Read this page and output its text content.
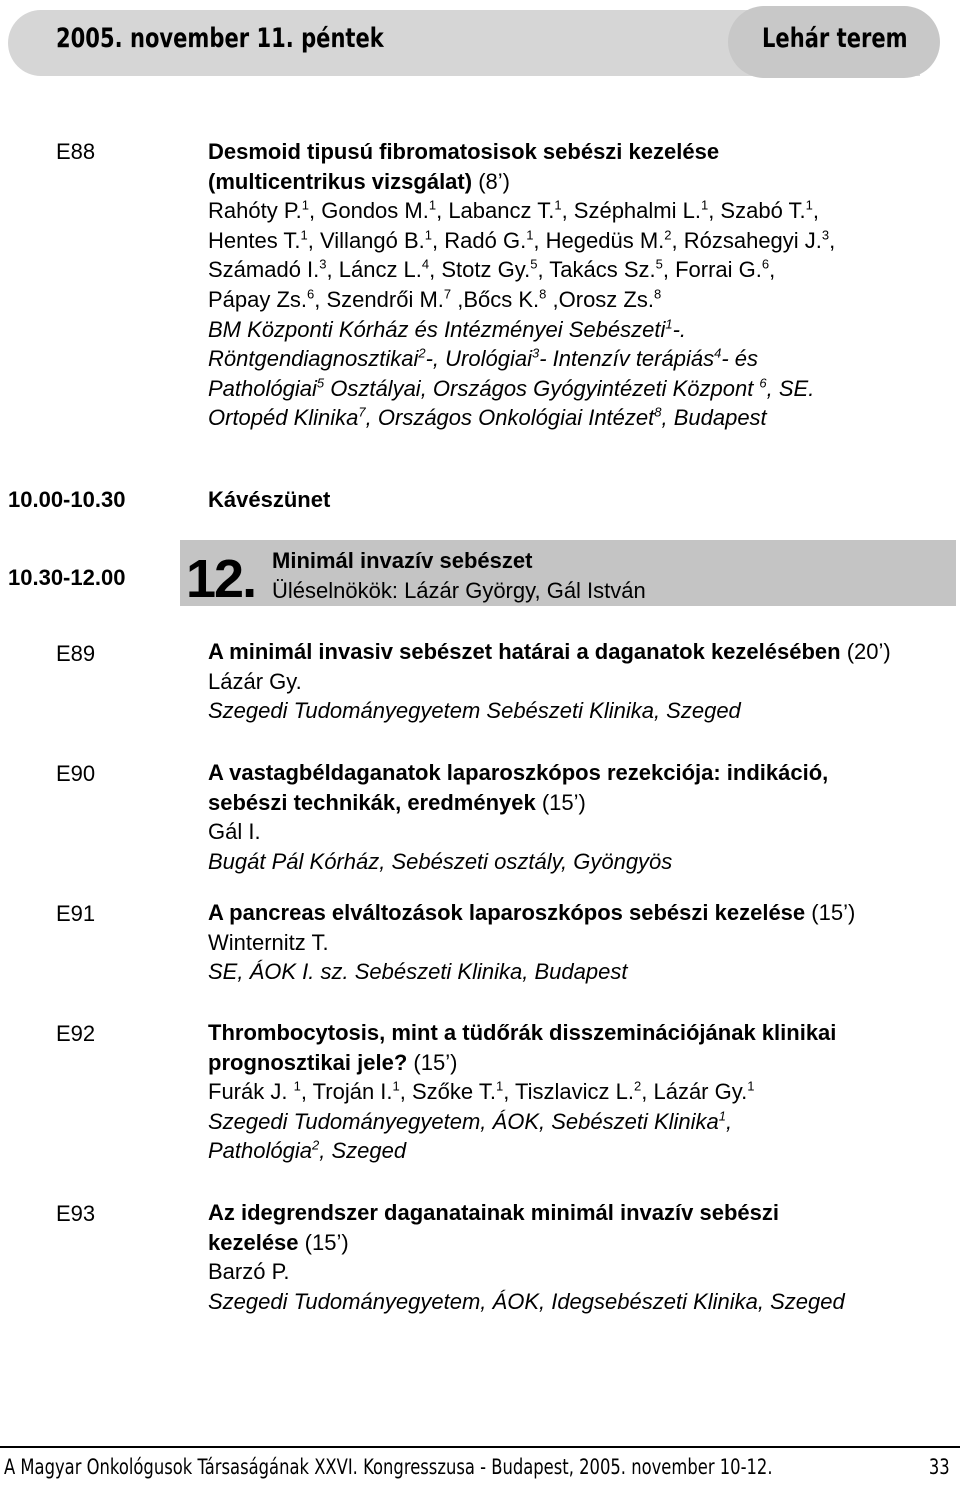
2005. november 11. péntek	Lehár terem
E88	Desmoid tipusú fibromatosisok sebészi kezelése
(multicentrikus vizsgálat) (8’)
Rahóty P.$^1$, Gondos M.$^1$, Labancz T.$^1$, Széphalmi L.$^1$, Szabó T.$^1$,
Hentes T.$^1$, Villangó B.$^1$, Radó G.$^1$, Hegedüs M.$^2$, Rózsahegyi J.$^3$,
Számadó I.$^3$, Láncz L.$^4$, Stotz Gy.$^5$, Takács Sz.$^5$, Forrai G.$^6$,
Pápay Zs.$^6$, Szendrői M.$^7$ ,Bőcs K.$^8$ ,Orosz Zs.$^8$
BM Központi Kórház és Intézményei Sebészeti$^1$-.
Röntgendiagnosztikai$^2$-, Urológiai$^3$- Intenzív terápiás$^4$- és
Pathológiai$^5$ Osztályai, Országos Gyógyintézeti Központ $^6$, SE.
Ortopéd Klinika$^7$, Országos Onkológiai Intézet$^8$, Budapest
10.00-10.30	Kávészünet
10.30-12.00 12. Minimál invazív sebészet
Üléselnökök: Lázár György, Gál István
E89	A minimál invasiv sebészet határai a daganatok kezelésében (20’)
Lázár Gy.
Szegedi Tudományegyetem Sebészeti Klinika, Szeged
E90	A vastagbéldaganatok laparoszkópos rezekciója: indikáció,
sebészi technikák, eredmények (15’)
Gál I.
Bugát Pál Kórház, Sebészeti osztály, Gyöngyös
E91	A pancreas elváltozások laparoszkópos sebészi kezelése (15’)
Winternitz T.
SE, ÁOK I. sz. Sebészeti Klinika, Budapest
E92	Thrombocytosis, mint a tüdőrák disszeminációjának klinikai
prognosztikai jele? (15’)
Furák J. $^1$, Troján I.$^1$, Szőke T.$^1$, Tiszlavicz L.$^2$, Lázár Gy.$^1$
Szegedi Tudományegyetem, ÁOK, Sebészeti Klinika$^1$,
Pathológia$^2$, Szeged
E93	Az idegrendszer daganatainak minimál invazív sebészi
kezelése (15’)
Barzó P.
Szegedi Tudományegyetem, ÁOK, Idegsebészeti Klinika, Szeged
A Magyar Onkológusok Társaságának XXVI. Kongresszusa - Budapest, 2005. november 10-12.	33
